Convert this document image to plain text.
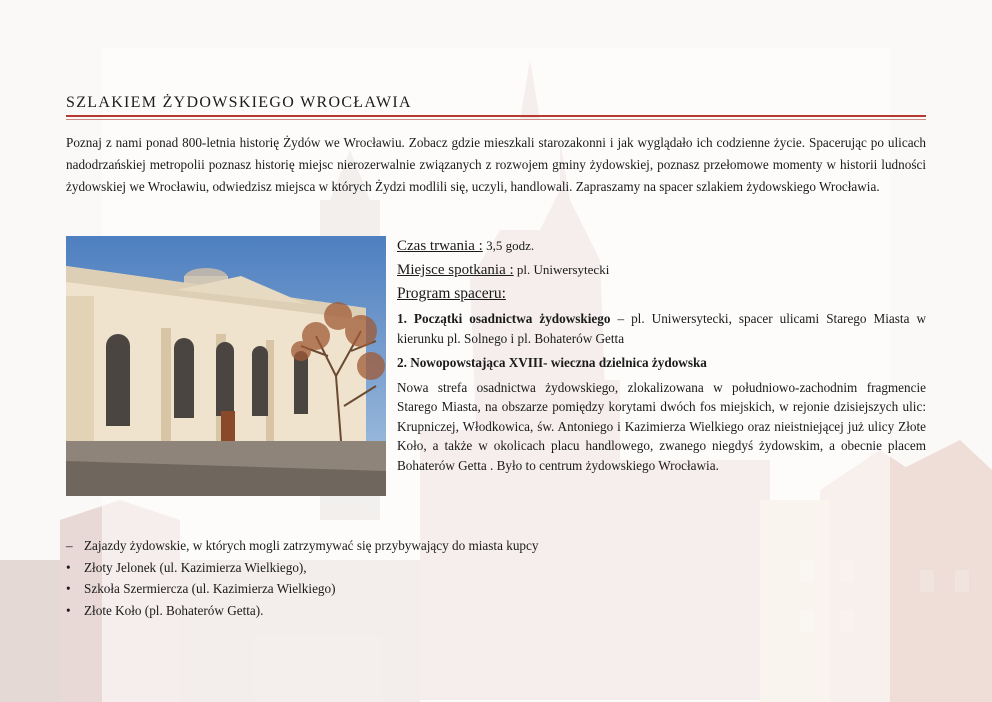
SZLAKIEM ŻYDOWSKIEGO WROCŁAWIA

Poznaj z nami ponad 800-letnia historię Żydów we Wrocławiu. Zobacz gdzie mieszkali starozakonni i jak wyglądało ich codzienne życie. Spacerując po ulicach nadodrzańskiej metropolii poznasz historię miejsc nierozerwalnie związanych z rozwojem gminy żydowskiej, poznasz przełomowe momenty w historii ludności żydowskiej we Wrocławiu, odwiedzisz miejsca w których Żydzi modlili się, uczyli, handlowali. Zapraszamy na spacer szlakiem żydowskiego Wrocławia.

Czas trwania : 3,5 godz.
Miejsce spotkania : pl. Uniwersytecki
Program spaceru:

1. Początki osadnictwa żydowskiego – pl. Uniwersytecki, spacer ulicami Starego Miasta w kierunku pl. Solnego i pl. Bohaterów Getta

2. Nowopowstająca XVIII- wieczna dzielnica żydowska

Nowa strefa osadnictwa żydowskiego, zlokalizowana w południowo-zachodnim fragmencie Starego Miasta, na obszarze pomiędzy korytami dwóch fos miejskich, w rejonie dzisiejszych ulic: Krupniczej, Włodkowica, św. Antoniego i Kazimierza Wielkiego oraz nieistniejącej już ulicy Złote Koło, a także w okolicach placu handlowego, zwanego niegdyś żydowskim, a obecnie placem Bohaterów Getta . Było to centrum żydowskiego Wrocławia.

– Zajazdy żydowskie, w których mogli zatrzymywać się przybywający do miasta kupcy
•	Złoty Jelonek (ul. Kazimierza Wielkiego),
•	Szkoła Szermiercza (ul. Kazimierza Wielkiego)
•	Złote Koło (pl. Bohaterów Getta).
